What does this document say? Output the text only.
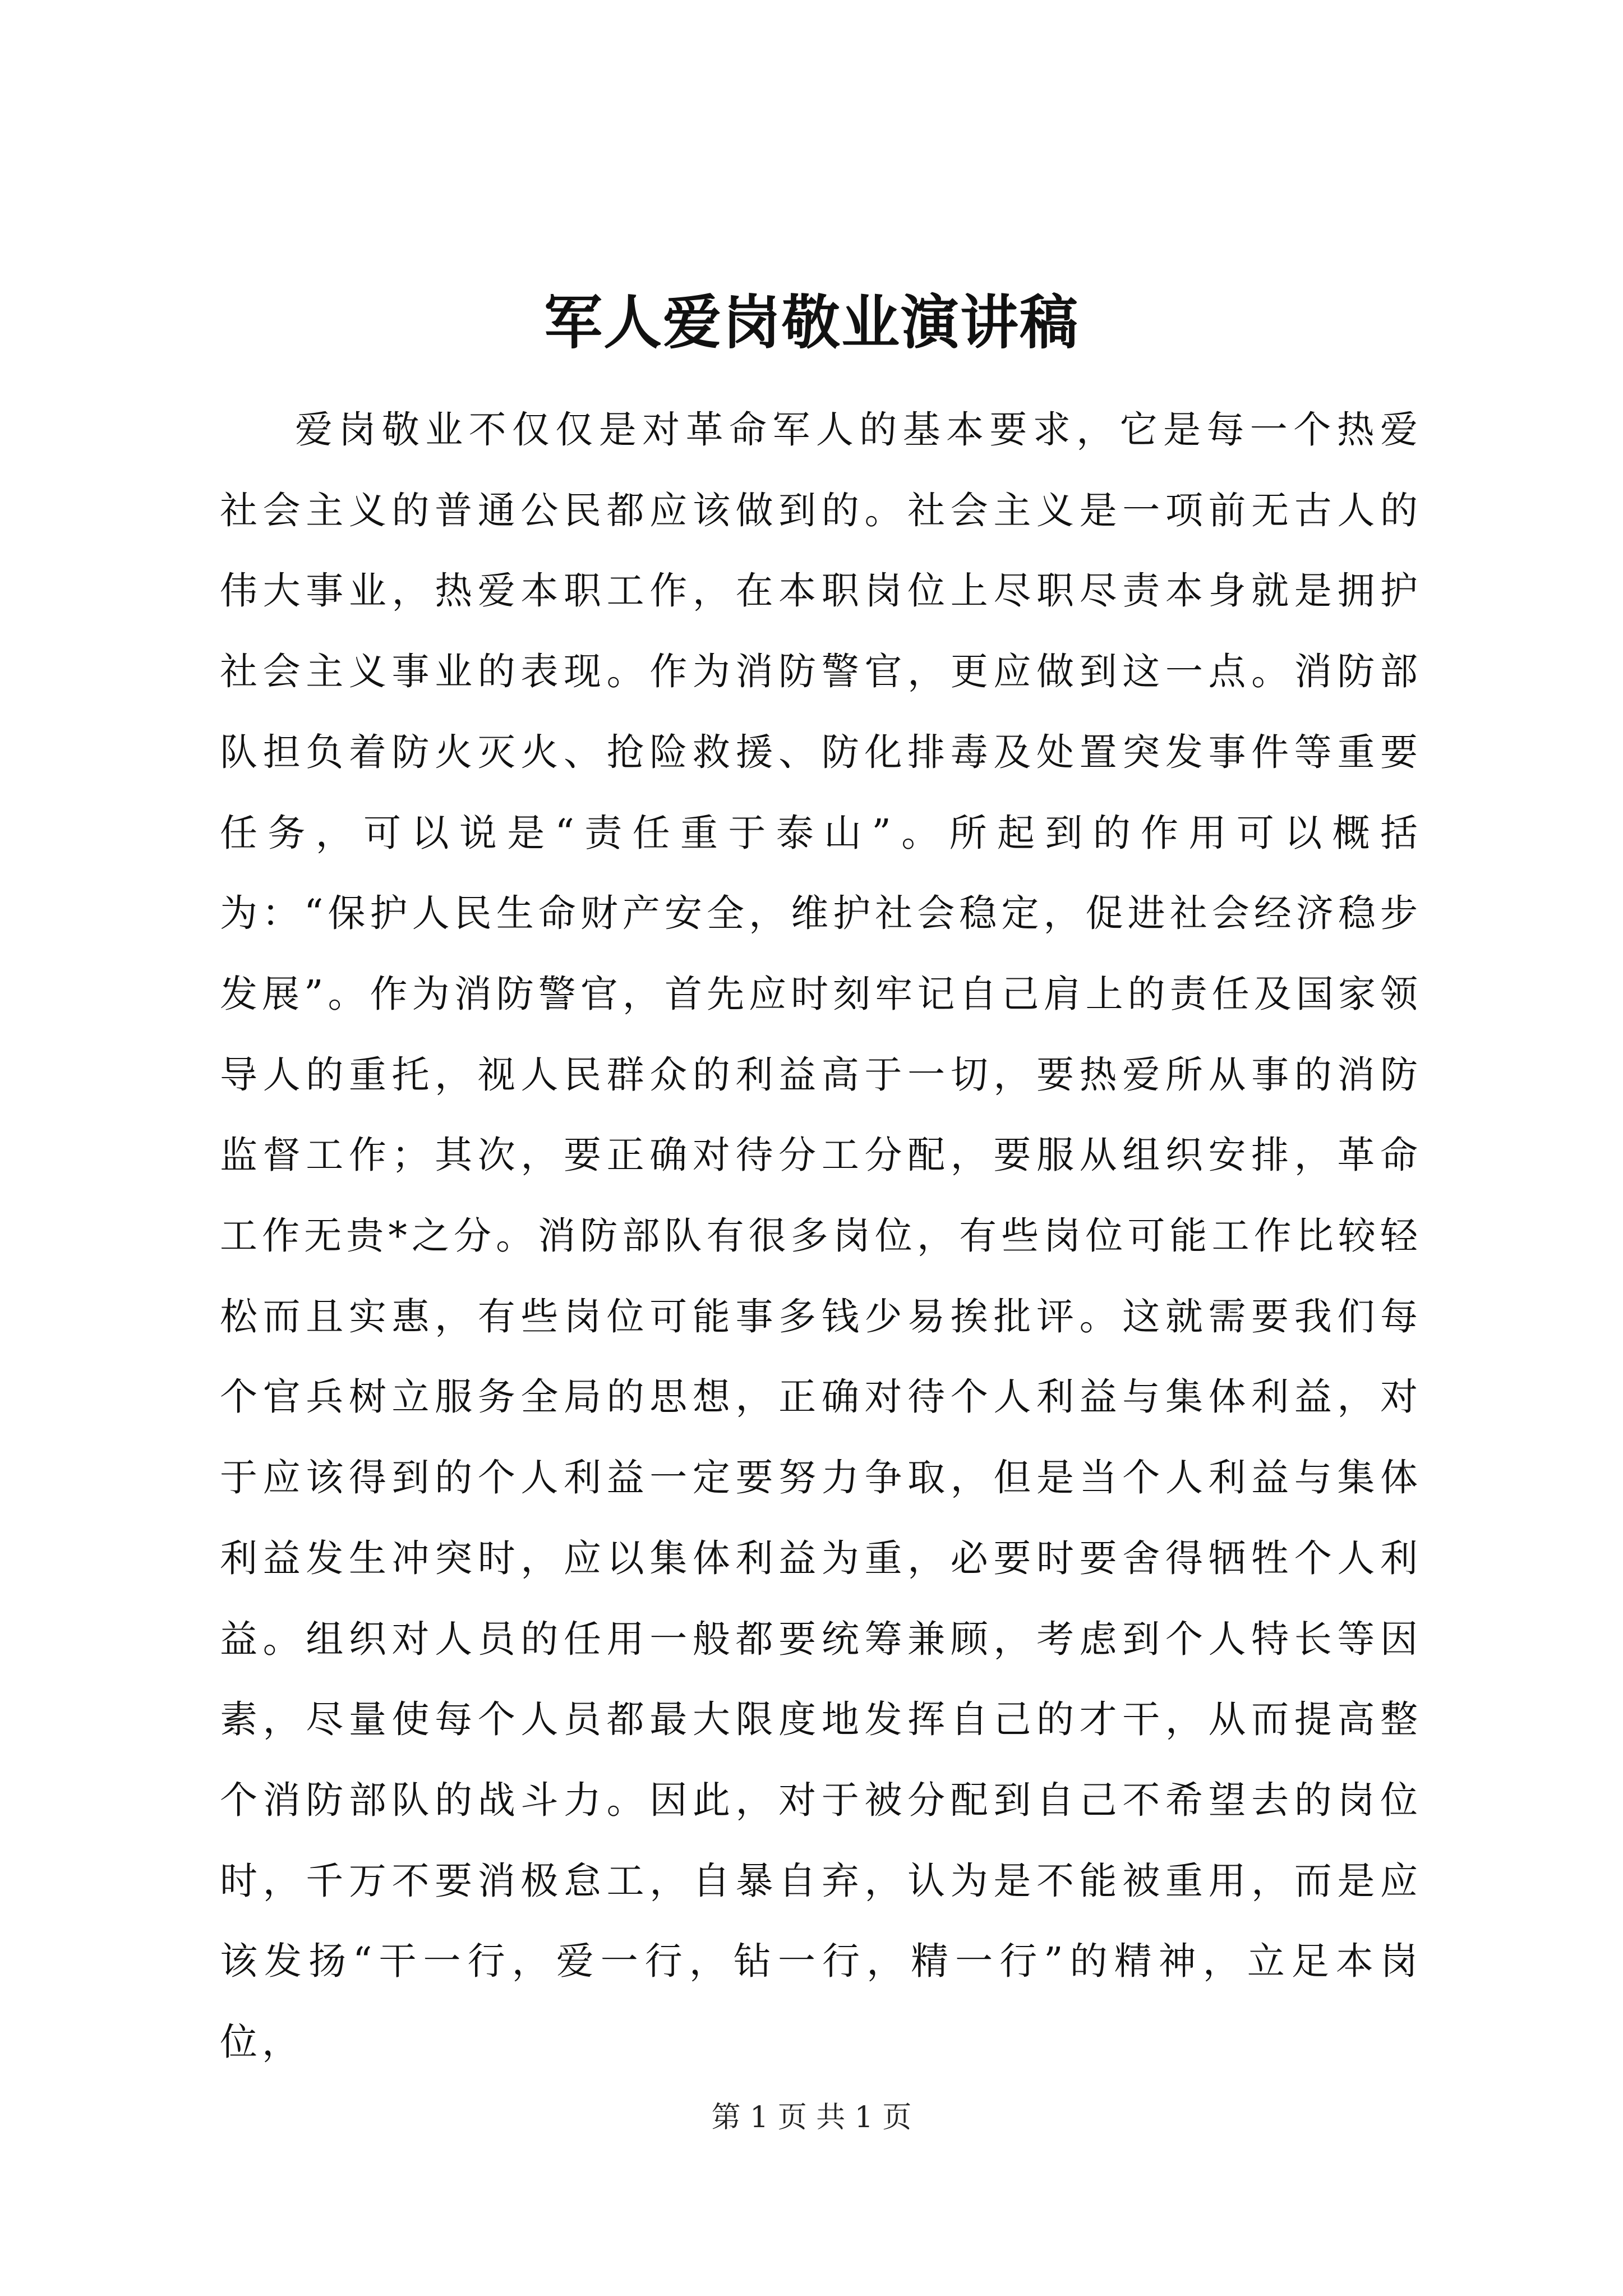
军人爱岗敬业演讲稿

爱岗敬业不仅仅是对革命军人的基本要求，它是每一个热爱社会主义的普通公民都应该做到的。社会主义是一项前无古人的伟大事业，热爱本职工作，在本职岗位上尽职尽责本身就是拥护社会主义事业的表现。作为消防警官，更应做到这一点。消防部队担负着防火灭火、抢险救援、防化排毒及处置突发事件等重要任务，可以说是“责任重于泰山”。所起到的作用可以概括为：“保护人民生命财产安全，维护社会稳定，促进社会经济稳步发展”。作为消防警官，首先应时刻牢记自己肩上的责任及国家领导人的重托，视人民群众的利益高于一切，要热爱所从事的消防监督工作；其次，要正确对待分工分配，要服从组织安排，革命工作无贵*之分。消防部队有很多岗位，有些岗位可能工作比较轻松而且实惠，有些岗位可能事多钱少易挨批评。这就需要我们每个官兵树立服务全局的思想，正确对待个人利益与集体利益，对于应该得到的个人利益一定要努力争取，但是当个人利益与集体利益发生冲突时，应以集体利益为重，必要时要舍得牺牲个人利益。组织对人员的任用一般都要统筹兼顾，考虑到个人特长等因素，尽量使每个人员都最大限度地发挥自己的才干，从而提高整个消防部队的战斗力。因此，对于被分配到自己不希望去的岗位时，千万不要消极怠工，自暴自弃，认为是不能被重用，而是应该发扬“干一行，爱一行，钻一行，精一行”的精神，立足本岗位，

第 1 页 共 1 页
